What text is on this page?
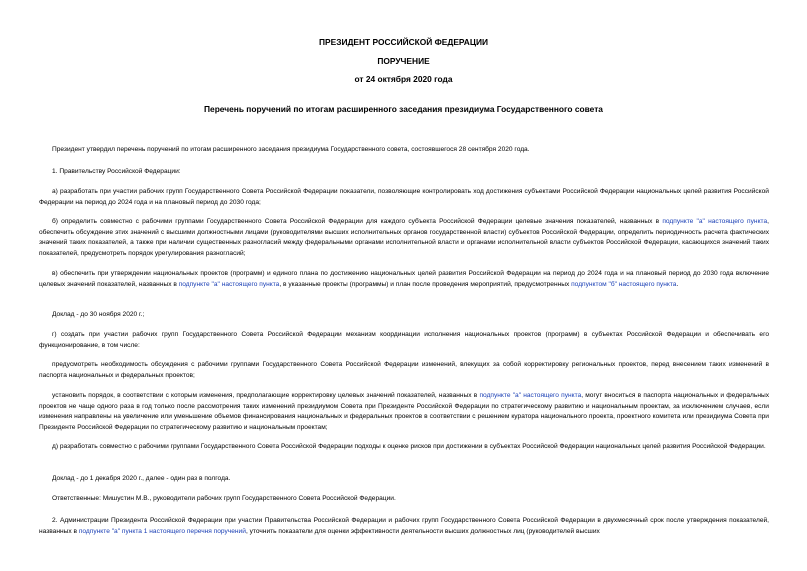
ПРЕЗИДЕНТ РОССИЙСКОЙ ФЕДЕРАЦИИ
ПОРУЧЕНИЕ
от 24 октября 2020 года
Перечень поручений по итогам расширенного заседания президиума Государственного совета
Президент утвердил перечень поручений по итогам расширенного заседания президиума Государственного совета, состоявшегося 28 сентября 2020 года.
1. Правительству Российской Федерации:
а) разработать при участии рабочих групп Государственного Совета Российской Федерации показатели, позволяющие контролировать ход достижения субъектами Российской Федерации национальных целей развития Российской Федерации на период до 2024 года и на плановый период до 2030 года;
б) определить совместно с рабочими группами Государственного Совета Российской Федерации для каждого субъекта Российской Федерации целевые значения показателей, названных в подпункте "а" настоящего пункта, обеспечить обсуждение этих значений с высшими должностными лицами (руководителями высших исполнительных органов государственной власти) субъектов Российской Федерации, определить периодичность расчета фактических значений таких показателей, а также при наличии существенных разногласий между федеральными органами исполнительной власти и органами исполнительной власти субъектов Российской Федерации, касающихся значений таких показателей, предусмотреть порядок урегулирования разногласий;
в) обеспечить при утверждении национальных проектов (программ) и единого плана по достижению национальных целей развития Российской Федерации на период до 2024 года и на плановый период до 2030 года включение целевых значений показателей, названных в подпункте "а" настоящего пункта, в указанные проекты (программы) и план после проведения мероприятий, предусмотренных подпунктом "б" настоящего пункта.
Доклад - до 30 ноября 2020 г.;
г) создать при участии рабочих групп Государственного Совета Российской Федерации механизм координации исполнения национальных проектов (программ) в субъектах Российской Федерации и обеспечивать его функционирование, в том числе:
предусмотреть необходимость обсуждения с рабочими группами Государственного Совета Российской Федерации изменений, влекущих за собой корректировку региональных проектов, перед внесением таких изменений в паспорта национальных и федеральных проектов;
установить порядок, в соответствии с которым изменения, предполагающие корректировку целевых значений показателей, названных в подпункте "а" настоящего пункта, могут вноситься в паспорта национальных и федеральных проектов не чаще одного раза в год только после рассмотрения таких изменений президиумом Совета при Президенте Российской Федерации по стратегическому развитию и национальным проектам, за исключением случаев, если изменения направлены на увеличение или уменьшение объемов финансирования национальных и федеральных проектов в соответствии с решением куратора национального проекта, проектного комитета или президиума Совета при Президенте Российской Федерации по стратегическому развитию и национальным проектам;
д) разработать совместно с рабочими группами Государственного Совета Российской Федерации подходы к оценке рисков при достижении в субъектах Российской Федерации национальных целей развития Российской Федерации.
Доклад - до 1 декабря 2020 г., далее - один раз в полгода.
Ответственные: Мишустин М.В., руководители рабочих групп Государственного Совета Российской Федерации.
2. Администрации Президента Российской Федерации при участии Правительства Российской Федерации и рабочих групп Государственного Совета Российской Федерации в двухмесячный срок после утверждения показателей, названных в подпункте "а" пункта 1 настоящего перечня поручений, уточнить показатели для оценки эффективности деятельности высших должностных лиц (руководителей высших
